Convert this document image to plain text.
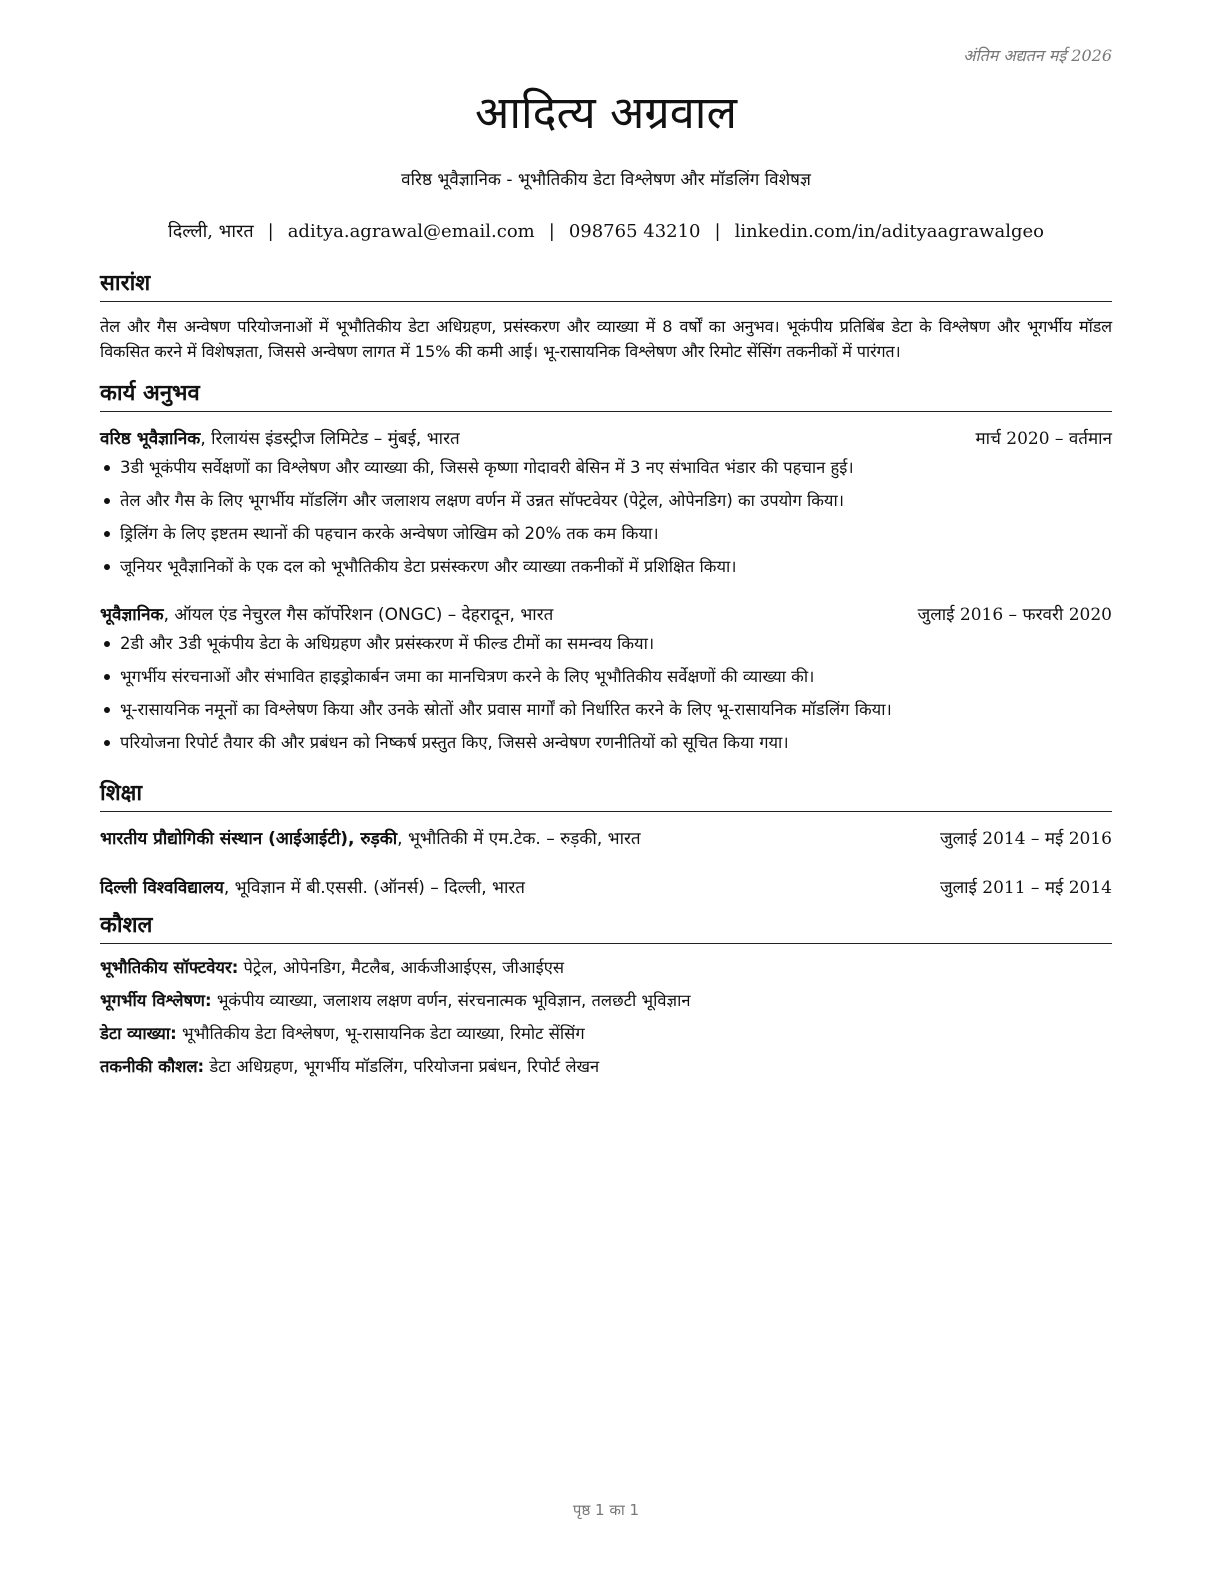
अंतिम अद्यतन मई 2026
आदित्य अग्रवाल
वरिष्ठ भूवैज्ञानिक - भूभौतिकीय डेटा विश्लेषण और मॉडलिंग विशेषज्ञ
दिल्ली, भारत | aditya.agrawal@email.com | 098765 43210 | linkedin.com/in/adityaagrawalgeo
सारांश
तेल और गैस अन्वेषण परियोजनाओं में भूभौतिकीय डेटा अधिग्रहण, प्रसंस्करण और व्याख्या में 8 वर्षों का अनुभव। भूकंपीय प्रतिबिंब डेटा के विश्लेषण और भूगर्भीय मॉडल विकसित करने में विशेषज्ञता, जिससे अन्वेषण लागत में 15% की कमी आई। भू-रासायनिक विश्लेषण और रिमोट सेंसिंग तकनीकों में पारंगत।
कार्य अनुभव
वरिष्ठ भूवैज्ञानिक, रिलायंस इंडस्ट्रीज लिमिटेड – मुंबई, भारत	मार्च 2020 – वर्तमान
3डी भूकंपीय सर्वेक्षणों का विश्लेषण और व्याख्या की, जिससे कृष्णा गोदावरी बेसिन में 3 नए संभावित भंडार की पहचान हुई।
तेल और गैस के लिए भूगर्भीय मॉडलिंग और जलाशय लक्षण वर्णन में उन्नत सॉफ्टवेयर (पेट्रेल, ओपेनडिग) का उपयोग किया।
ड्रिलिंग के लिए इष्टतम स्थानों की पहचान करके अन्वेषण जोखिम को 20% तक कम किया।
जूनियर भूवैज्ञानिकों के एक दल को भूभौतिकीय डेटा प्रसंस्करण और व्याख्या तकनीकों में प्रशिक्षित किया।
भूवैज्ञानिक, ऑयल एंड नेचुरल गैस कॉर्पोरेशन (ONGC) – देहरादून, भारत	जुलाई 2016 – फरवरी 2020
2डी और 3डी भूकंपीय डेटा के अधिग्रहण और प्रसंस्करण में फील्ड टीमों का समन्वय किया।
भूगर्भीय संरचनाओं और संभावित हाइड्रोकार्बन जमा का मानचित्रण करने के लिए भूभौतिकीय सर्वेक्षणों की व्याख्या की।
भू-रासायनिक नमूनों का विश्लेषण किया और उनके स्रोतों और प्रवास मार्गों को निर्धारित करने के लिए भू-रासायनिक मॉडलिंग किया।
परियोजना रिपोर्ट तैयार की और प्रबंधन को निष्कर्ष प्रस्तुत किए, जिससे अन्वेषण रणनीतियों को सूचित किया गया।
शिक्षा
भारतीय प्रौद्योगिकी संस्थान (आईआईटी), रुड़की, भूभौतिकी में एम.टेक. – रुड़की, भारत	जुलाई 2014 – मई 2016
दिल्ली विश्वविद्यालय, भूविज्ञान में बी.एससी. (ऑनर्स) – दिल्ली, भारत	जुलाई 2011 – मई 2014
कौशल
भूभौतिकीय सॉफ्टवेयर: पेट्रेल, ओपेनडिग, मैटलैब, आर्कजीआईएस, जीआईएस
भूगर्भीय विश्लेषण: भूकंपीय व्याख्या, जलाशय लक्षण वर्णन, संरचनात्मक भूविज्ञान, तलछटी भूविज्ञान
डेटा व्याख्या: भूभौतिकीय डेटा विश्लेषण, भू-रासायनिक डेटा व्याख्या, रिमोट सेंसिंग
तकनीकी कौशल: डेटा अधिग्रहण, भूगर्भीय मॉडलिंग, परियोजना प्रबंधन, रिपोर्ट लेखन
पृष्ठ 1 का 1
